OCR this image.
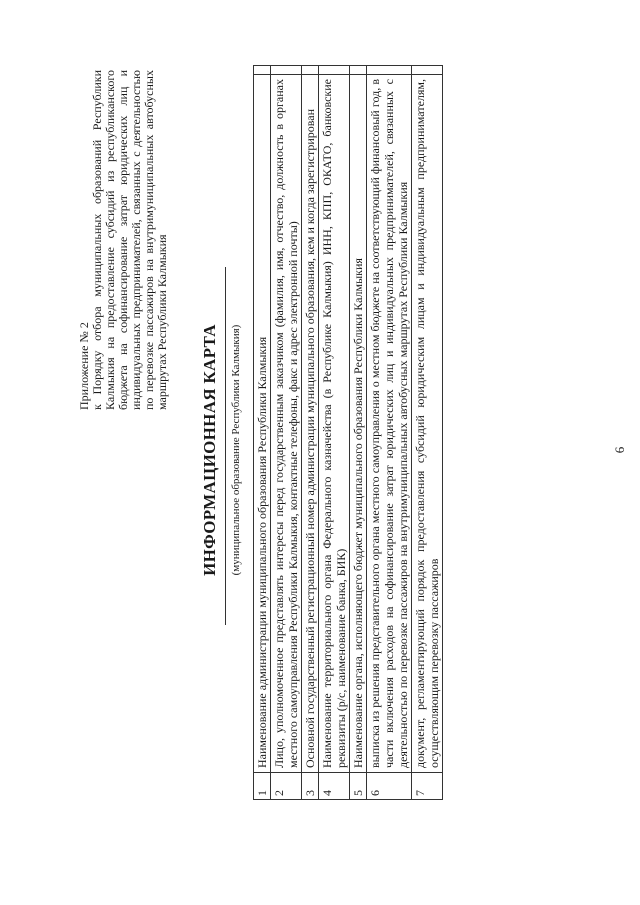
Приложение № 2 к Порядку отбора муниципальных образований Республики Калмыкия на предоставление субсидий из республиканского бюджета на софинансирование затрат юридических лиц и индивидуальных предпринимателей, связанных с деятельностью по перевозке пассажиров на внутримуниципальных автобусных маршрутах Республики Калмыкия
ИНФОРМАЦИОННАЯ КАРТА (муниципальное образование Республики Калмыкия)
1	Наименование администрации муниципального образования Республики Калмыкия	
2	Лицо, уполномоченное представлять интересы перед государственным заказчиком (фамилия, имя, отчество, должность в органах местного самоуправления Республики Калмыкия, контактные телефоны, факс и адрес электронной почты)	
3	Основной государственный регистрационный номер администрации муниципального образования, кем и когда зарегистрирован	
4	Наименование территориального органа Федерального казначейства (в Республике Калмыкия) ИНН, КПП, ОКАТО, банковские реквизиты (р/с, наименование банка, БИК)	
5	Наименование органа, исполняющего бюджет муниципального образования Республики Калмыкия	
6	выписка из решения представительного органа местного самоуправления о местном бюджете на соответствующий финансовый год, в части включения расходов на софинансирование затрат юридических лиц и индивидуальных предпринимателей, связанных с деятельностью по перевозке пассажиров на внутримуниципальных автобусных маршрутах Республики Калмыкия	
7	документ, регламентирующий порядок предоставления субсидий юридическим лицам и индивидуальным предпринимателям, осуществляющим перевозку пассажиров	
6
